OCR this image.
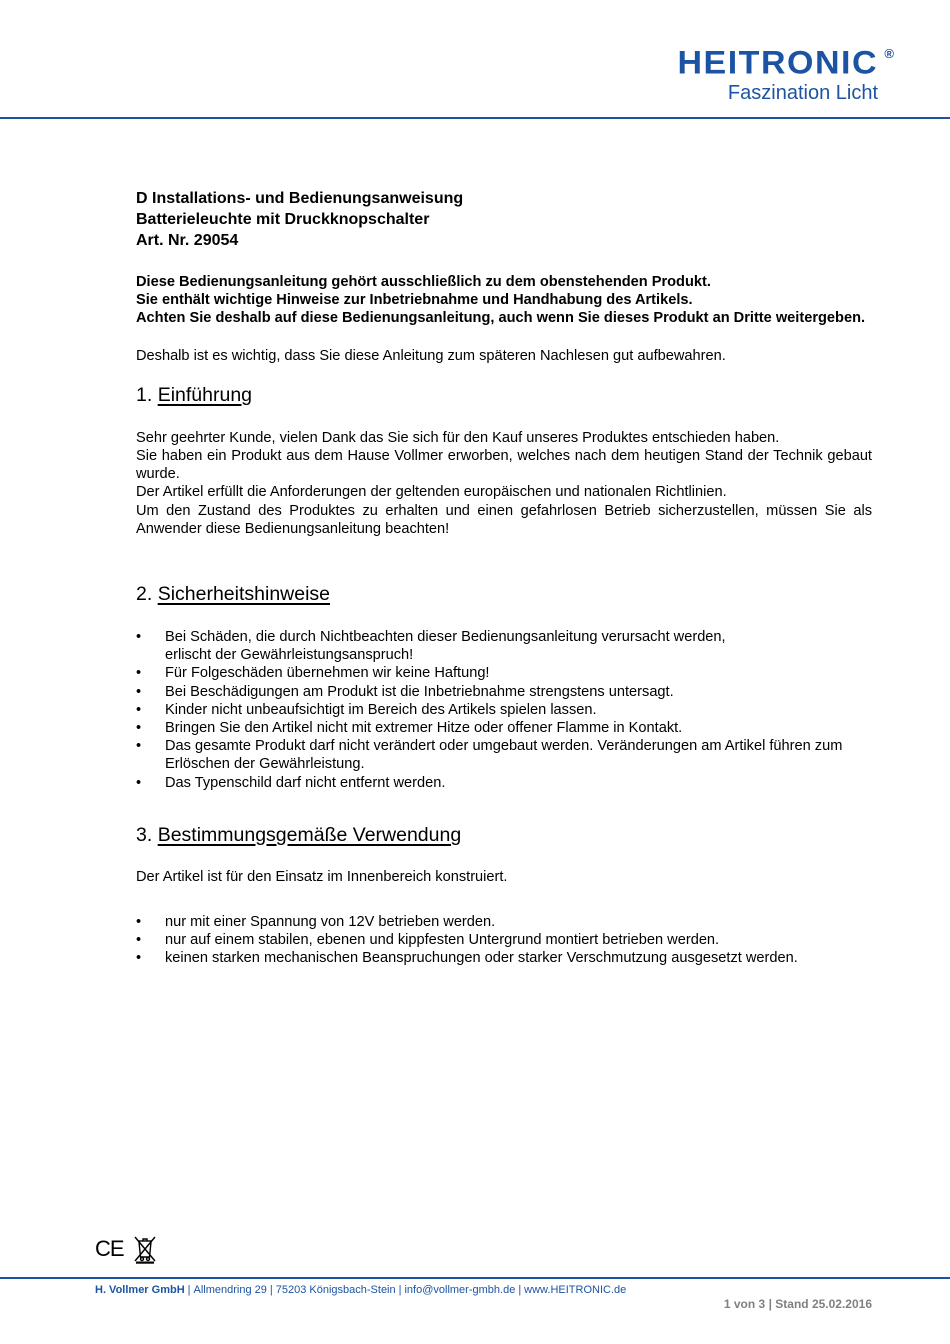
HEITRONIC ®
Faszination Licht

D Installations- und Bedienungsanweisung

Batterieleuchte mit Druckknopschalter

Art. Nr. 29054

Diese Bedienungsanleitung gehört ausschließlich zu dem obenstehenden Produkt.

Sie enthält wichtige Hinweise zur Inbetriebnahme und Handhabung des Artikels.

Achten Sie deshalb auf diese Bedienungsanleitung, auch wenn Sie dieses Produkt an Dritte weitergeben.

Deshalb ist es wichtig, dass Sie diese Anleitung zum späteren Nachlesen gut aufbewahren.

1. Einführung

Sehr geehrter Kunde, vielen Dank das Sie sich für den Kauf unseres Produktes entschieden haben.

Sie haben ein Produkt aus dem Hause Vollmer erworben, welches nach dem heutigen Stand der Technik gebaut wurde.

Der Artikel erfüllt die Anforderungen der geltenden europäischen und nationalen Richtlinien.

Um den Zustand des Produktes zu erhalten und einen gefahrlosen Betrieb sicherzustellen, müssen Sie als Anwender diese Bedienungsanleitung beachten!

2. Sicherheitshinweise
• Bei Schäden, die durch Nichtbeachten dieser Bedienungsanleitung verursacht werden,
erlischt der Gewährleistungsanspruch!
• Für Folgeschäden übernehmen wir keine Haftung!
• Bei Beschädigungen am Produkt ist die Inbetriebnahme strengstens untersagt.
• Kinder nicht unbeaufsichtigt im Bereich des Artikels spielen lassen.
• Bringen Sie den Artikel nicht mit extremer Hitze oder offener Flamme in Kontakt.
• Das gesamte Produkt darf nicht verändert oder umgebaut werden. Veränderungen am Artikel führen zum Erlöschen der Gewährleistung.
• Das Typenschild darf nicht entfernt werden.
3. Bestimmungsgemäße Verwendung

Der Artikel ist für den Einsatz im Innenbereich konstruiert.

• nur mit einer Spannung von 12V betrieben werden.
• nur auf einem stabilen, ebenen und kippfesten Untergrund montiert betrieben werden.
• keinen starken mechanischen Beanspruchungen oder starker Verschmutzung ausgesetzt werden.
CE
H. Vollmer GmbH | Allmendring 29 | 75203 Königsbach-Stein | info@vollmer-gmbh.de | www.HEITRONIC.de
1 von 3 | Stand 25.02.2016
